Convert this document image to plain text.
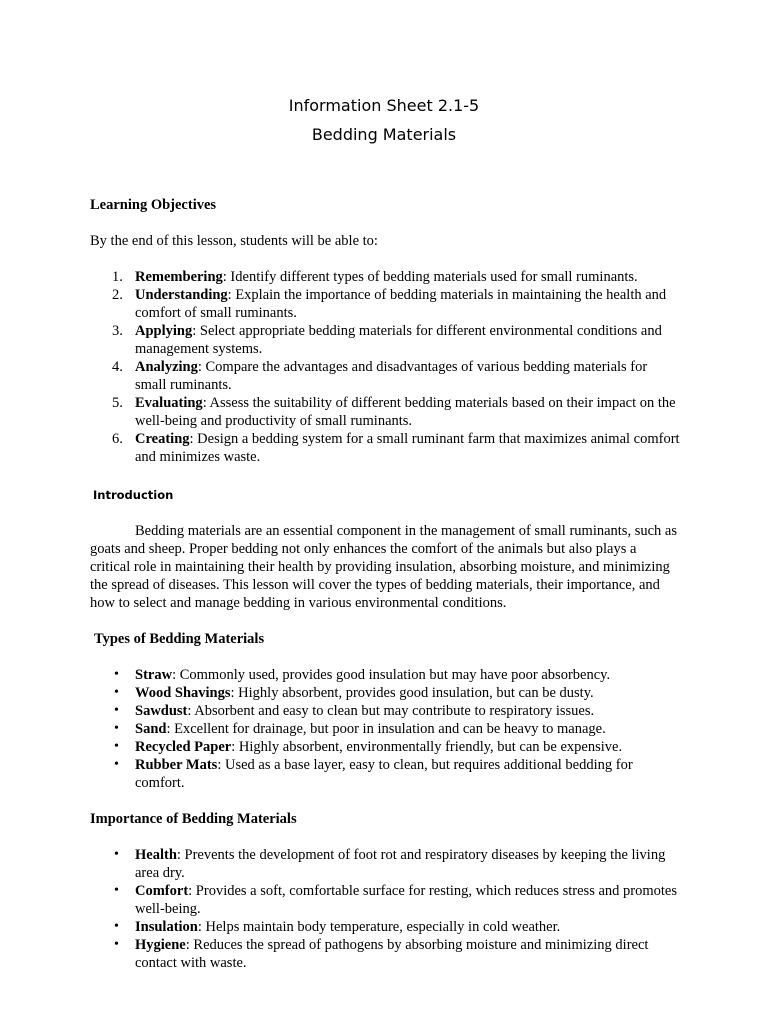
Information Sheet 2.1-5
Bedding Materials

Learning Objectives

By the end of this lesson, students will be able to:

1. Remembering: Identify different types of bedding materials used for small ruminants.
2. Understanding: Explain the importance of bedding materials in maintaining the health and comfort of small ruminants.
3. Applying: Select appropriate bedding materials for different environmental conditions and management systems.
4. Analyzing: Compare the advantages and disadvantages of various bedding materials for small ruminants.
5. Evaluating: Assess the suitability of different bedding materials based on their impact on the well-being and productivity of small ruminants.
6. Creating: Design a bedding system for a small ruminant farm that maximizes animal comfort and minimizes waste.

Introduction

Bedding materials are an essential component in the management of small ruminants, such as goats and sheep. Proper bedding not only enhances the comfort of the animals but also plays a critical role in maintaining their health by providing insulation, absorbing moisture, and minimizing the spread of diseases. This lesson will cover the types of bedding materials, their importance, and how to select and manage bedding in various environmental conditions.

Types of Bedding Materials

• Straw: Commonly used, provides good insulation but may have poor absorbency.
• Wood Shavings: Highly absorbent, provides good insulation, but can be dusty.
• Sawdust: Absorbent and easy to clean but may contribute to respiratory issues.
• Sand: Excellent for drainage, but poor in insulation and can be heavy to manage.
• Recycled Paper: Highly absorbent, environmentally friendly, but can be expensive.
• Rubber Mats: Used as a base layer, easy to clean, but requires additional bedding for comfort.

Importance of Bedding Materials

• Health: Prevents the development of foot rot and respiratory diseases by keeping the living area dry.
• Comfort: Provides a soft, comfortable surface for resting, which reduces stress and promotes well-being.
• Insulation: Helps maintain body temperature, especially in cold weather.
• Hygiene: Reduces the spread of pathogens by absorbing moisture and minimizing direct contact with waste.
